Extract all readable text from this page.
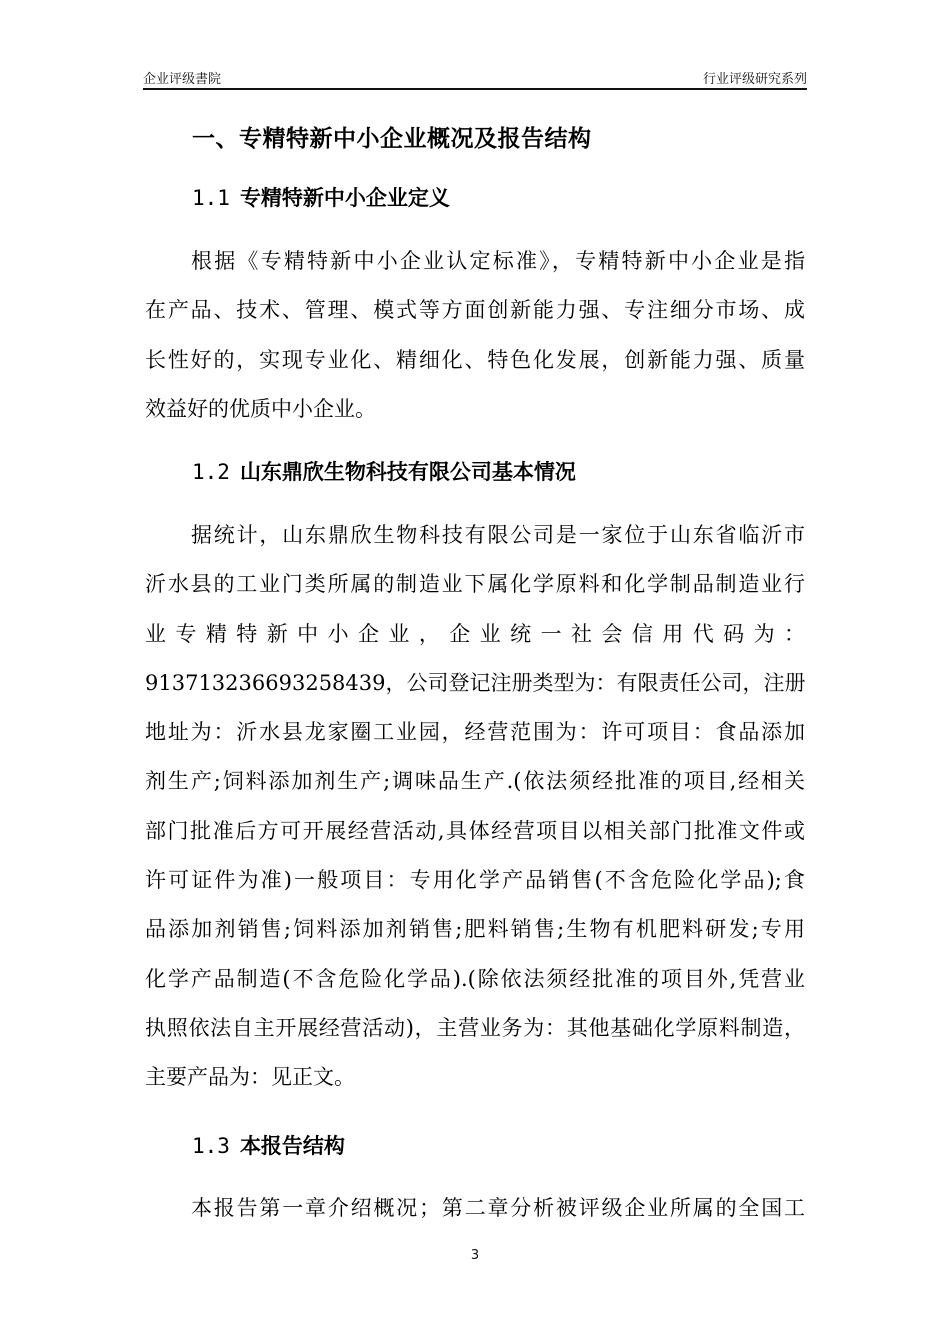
企业评级書院	行业评级研究系列
一、专精特新中小企业概况及报告结构
1.1 专精特新中小企业定义
根据《专精特新中小企业认定标准》，专精特新中小企业是指
在产品、技术、管理、模式等方面创新能力强、专注细分市场、成
长性好的，实现专业化、精细化、特色化发展，创新能力强、质量
效益好的优质中小企业。
1.2 山东鼎欣生物科技有限公司基本情况
据统计，山东鼎欣生物科技有限公司是一家位于山东省临沂市
沂水县的工业门类所属的制造业下属化学原料和化学制品制造业行
业专精特新中小企业，企业统一社会信用代码为：
913713236693258439，公司登记注册类型为：有限责任公司，注册
地址为：沂水县龙家圈工业园，经营范围为：许可项目：食品添加
剂生产;饲料添加剂生产;调味品生产.(依法须经批准的项目,经相关
部门批准后方可开展经营活动,具体经营项目以相关部门批准文件或
许可证件为准)一般项目：专用化学产品销售(不含危险化学品);食
品添加剂销售;饲料添加剂销售;肥料销售;生物有机肥料研发;专用
化学产品制造(不含危险化学品).(除依法须经批准的项目外,凭营业
执照依法自主开展经营活动)，主营业务为：其他基础化学原料制造，
主要产品为：见正文。
1.3 本报告结构
本报告第一章介绍概况；第二章分析被评级企业所属的全国工
3
